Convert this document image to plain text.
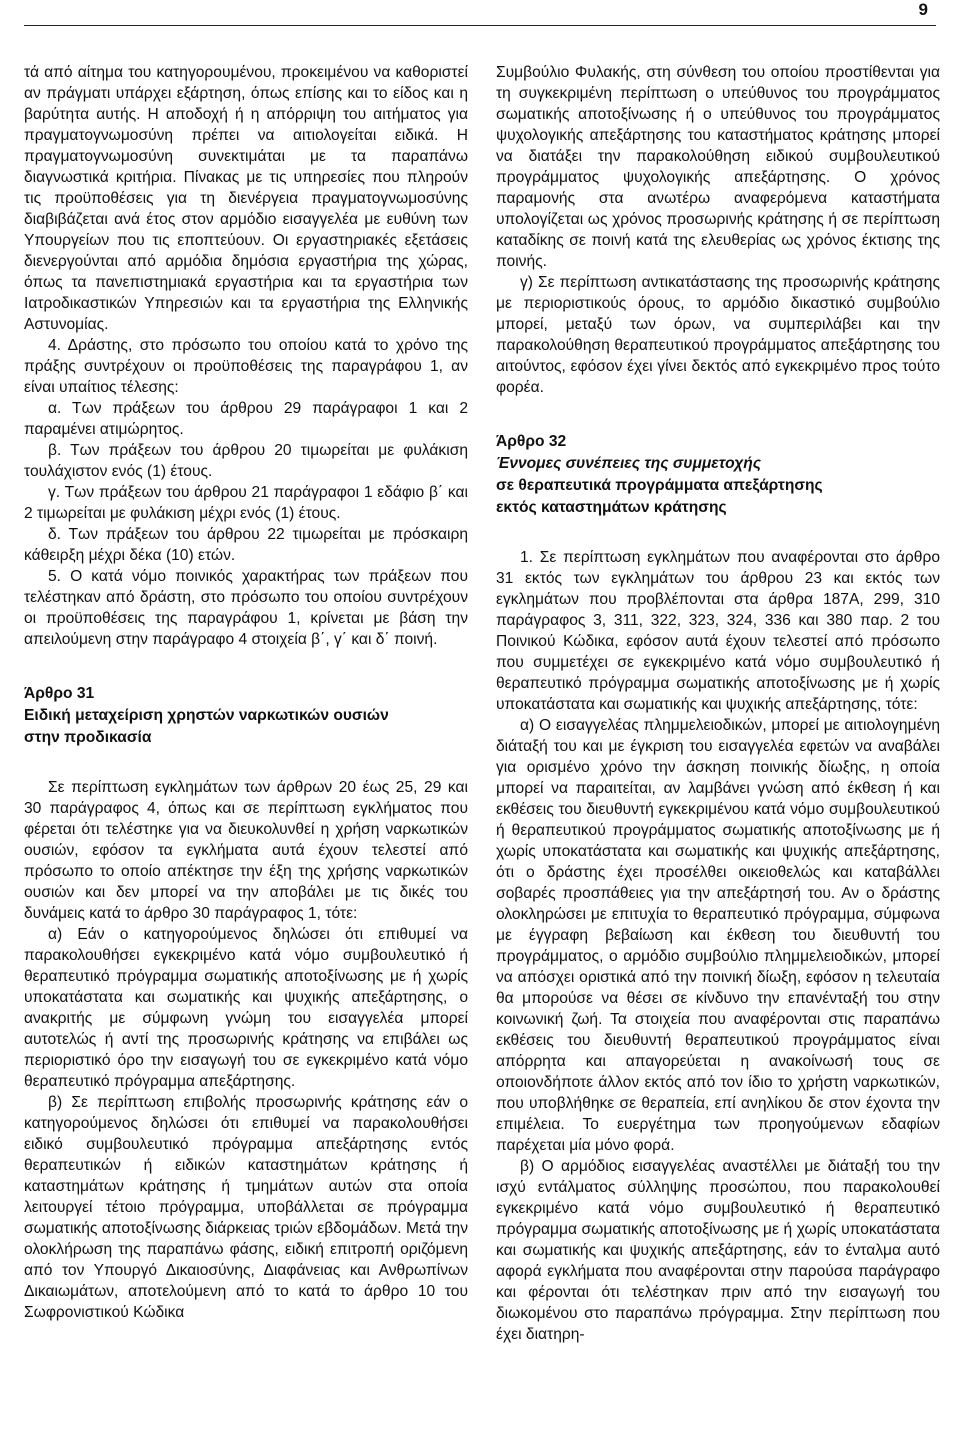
9

τά από αίτημα του κατηγορουμένου, προκειμένου να καθοριστεί αν πράγματι υπάρχει εξάρτηση, όπως επίσης και το είδος και η βαρύτητα αυτής. Η αποδοχή ή η απόρριψη του αιτήματος για πραγματογνωμοσύνη πρέπει να αιτιολογείται ειδικά. Η πραγματογνωμοσύνη συνεκτιμάται με τα παραπάνω διαγνωστικά κριτήρια. Πίνακας με τις υπηρεσίες που πληρούν τις προϋποθέσεις για τη διενέργεια πραγματογνωμοσύνης διαβιβάζεται ανά έτος στον αρμόδιο εισαγγελέα με ευθύνη των Υπουργείων που τις εποπτεύουν. Οι εργαστηριακές εξετάσεις διενεργούνται από αρμόδια δημόσια εργαστήρια της χώρας, όπως τα πανεπιστημιακά εργαστήρια και τα εργαστήρια των Ιατροδικαστικών Υπηρεσιών και τα εργαστήρια της Ελληνικής Αστυνομίας.

4. Δράστης, στο πρόσωπο του οποίου κατά το χρόνο της πράξης συντρέχουν οι προϋποθέσεις της παραγράφου 1, αν είναι υπαίτιος τέλεσης:

α. Των πράξεων του άρθρου 29 παράγραφοι 1 και 2 παραμένει ατιμώρητος.

β. Των πράξεων του άρθρου 20 τιμωρείται με φυλάκιση τουλάχιστον ενός (1) έτους.

γ. Των πράξεων του άρθρου 21 παράγραφοι 1 εδάφιο β΄ και 2 τιμωρείται με φυλάκιση μέχρι ενός (1) έτους.

δ. Των πράξεων του άρθρου 22 τιμωρείται με πρόσκαιρη κάθειρξη μέχρι δέκα (10) ετών.

5. Ο κατά νόμο ποινικός χαρακτήρας των πράξεων που τελέστηκαν από δράστη, στο πρόσωπο του οποίου συντρέχουν οι προϋποθέσεις της παραγράφου 1, κρίνεται με βάση την απειλούμενη στην παράγραφο 4 στοιχεία β΄, γ΄ και δ΄ ποινή.

Άρθρο 31

Ειδική μεταχείριση χρηστών ναρκωτικών ουσιών

στην προδικασία

Σε περίπτωση εγκλημάτων των άρθρων 20 έως 25, 29 και 30 παράγραφος 4, όπως και σε περίπτωση εγκλήματος που φέρεται ότι τελέστηκε για να διευκολυνθεί η χρήση ναρκωτικών ουσιών, εφόσον τα εγκλήματα αυτά έχουν τελεστεί από πρόσωπο το οποίο απέκτησε την έξη της χρήσης ναρκωτικών ουσιών και δεν μπορεί να την αποβάλει με τις δικές του δυνάμεις κατά το άρθρο 30 παράγραφος 1, τότε:

α) Εάν ο κατηγορούμενος δηλώσει ότι επιθυμεί να παρακολουθήσει εγκεκριμένο κατά νόμο συμβουλευτικό ή θεραπευτικό πρόγραμμα σωματικής αποτοξίνωσης με ή χωρίς υποκατάστατα και σωματικής και ψυχικής απεξάρτησης, ο ανακριτής με σύμφωνη γνώμη του εισαγγελέα μπορεί αυτοτελώς ή αντί της προσωρινής κράτησης να επιβάλει ως περιοριστικό όρο την εισαγωγή του σε εγκεκριμένο κατά νόμο θεραπευτικό πρόγραμμα απεξάρτησης.

β) Σε περίπτωση επιβολής προσωρινής κράτησης εάν ο κατηγορούμενος δηλώσει ότι επιθυμεί να παρακολουθήσει ειδικό συμβουλευτικό πρόγραμμα απεξάρτησης εντός θεραπευτικών ή ειδικών καταστημάτων κράτησης ή καταστημάτων κράτησης ή τμημάτων αυτών στα οποία λειτουργεί τέτοιο πρόγραμμα, υποβάλλεται σε πρόγραμμα σωματικής αποτοξίνωσης διάρκειας τριών εβδομάδων. Μετά την ολοκλήρωση της παραπάνω φάσης, ειδική επιτροπή οριζόμενη από τον Υπουργό Δικαιοσύνης, Διαφάνειας και Ανθρωπίνων Δικαιωμάτων, αποτελούμενη από το κατά το άρθρο 10 του Σωφρονιστικού Κώδικα

Συμβούλιο Φυλακής, στη σύνθεση του οποίου προστίθενται για τη συγκεκριμένη περίπτωση ο υπεύθυνος του προγράμματος σωματικής αποτοξίνωσης ή ο υπεύθυνος του προγράμματος ψυχολογικής απεξάρτησης του καταστήματος κράτησης μπορεί να διατάξει την παρακολούθηση ειδικού συμβουλευτικού προγράμματος ψυχολογικής απεξάρτησης. Ο χρόνος παραμονής στα ανωτέρω αναφερόμενα καταστήματα υπολογίζεται ως χρόνος προσωρινής κράτησης ή σε περίπτωση καταδίκης σε ποινή κατά της ελευθερίας ως χρόνος έκτισης της ποινής.

γ) Σε περίπτωση αντικατάστασης της προσωρινής κράτησης με περιοριστικούς όρους, το αρμόδιο δικαστικό συμβούλιο μπορεί, μεταξύ των όρων, να συμπεριλάβει και την παρακολούθηση θεραπευτικού προγράμματος απεξάρτησης του αιτούντος, εφόσον έχει γίνει δεκτός από εγκεκριμένο προς τούτο φορέα.

Άρθρο 32

Έννομες συνέπειες της συμμετοχής

σε θεραπευτικά προγράμματα απεξάρτησης

εκτός καταστημάτων κράτησης

1. Σε περίπτωση εγκλημάτων που αναφέρονται στο άρθρο 31 εκτός των εγκλημάτων του άρθρου 23 και εκτός των εγκλημάτων που προβλέπονται στα άρθρα 187Α, 299, 310 παράγραφος 3, 311, 322, 323, 324, 336 και 380 παρ. 2 του Ποινικού Κώδικα, εφόσον αυτά έχουν τελεστεί από πρόσωπο που συμμετέχει σε εγκεκριμένο κατά νόμο συμβουλευτικό ή θεραπευτικό πρόγραμμα σωματικής αποτοξίνωσης με ή χωρίς υποκατάστατα και σωματικής και ψυχικής απεξάρτησης, τότε:

α) Ο εισαγγελέας πλημμελειοδικών, μπορεί με αιτιολογημένη διάταξή του και με έγκριση του εισαγγελέα εφετών να αναβάλει για ορισμένο χρόνο την άσκηση ποινικής δίωξης, η οποία μπορεί να παραιτείται, αν λαμβάνει γνώση από έκθεση ή και εκθέσεις του διευθυντή εγκεκριμένου κατά νόμο συμβουλευτικού ή θεραπευτικού προγράμματος σωματικής αποτοξίνωσης με ή χωρίς υποκατάστατα και σωματικής και ψυχικής απεξάρτησης, ότι ο δράστης έχει προσέλθει οικειοθελώς και καταβάλλει σοβαρές προσπάθειες για την απεξάρτησή του. Αν ο δράστης ολοκληρώσει με επιτυχία το θεραπευτικό πρόγραμμα, σύμφωνα με έγγραφη βεβαίωση και έκθεση του διευθυντή του προγράμματος, ο αρμόδιο συμβούλιο πλημμελειοδικών, μπορεί να απόσχει οριστικά από την ποινική δίωξη, εφόσον η τελευταία θα μπορούσε να θέσει σε κίνδυνο την επανένταξή του στην κοινωνική ζωή. Τα στοιχεία που αναφέρονται στις παραπάνω εκθέσεις του διευθυντή θεραπευτικού προγράμματος είναι απόρρητα και απαγορεύεται η ανακοίνωσή τους σε οποιονδήποτε άλλον εκτός από τον ίδιο το χρήστη ναρκωτικών, που υποβλήθηκε σε θεραπεία, επί ανηλίκου δε στον έχοντα την επιμέλεια. Το ευεργέτημα των προηγούμενων εδαφίων παρέχεται μία μόνο φορά.

β) Ο αρμόδιος εισαγγελέας αναστέλλει με διάταξή του την ισχύ εντάλματος σύλληψης προσώπου, που παρακολουθεί εγκεκριμένο κατά νόμο συμβουλευτικό ή θεραπευτικό πρόγραμμα σωματικής αποτοξίνωσης με ή χωρίς υποκατάστατα και σωματικής και ψυχικής απεξάρτησης, εάν το ένταλμα αυτό αφορά εγκλήματα που αναφέρονται στην παρούσα παράγραφο και φέρονται ότι τελέστηκαν πριν από την εισαγωγή του διωκομένου στο παραπάνω πρόγραμμα. Στην περίπτωση που έχει διατηρη-
